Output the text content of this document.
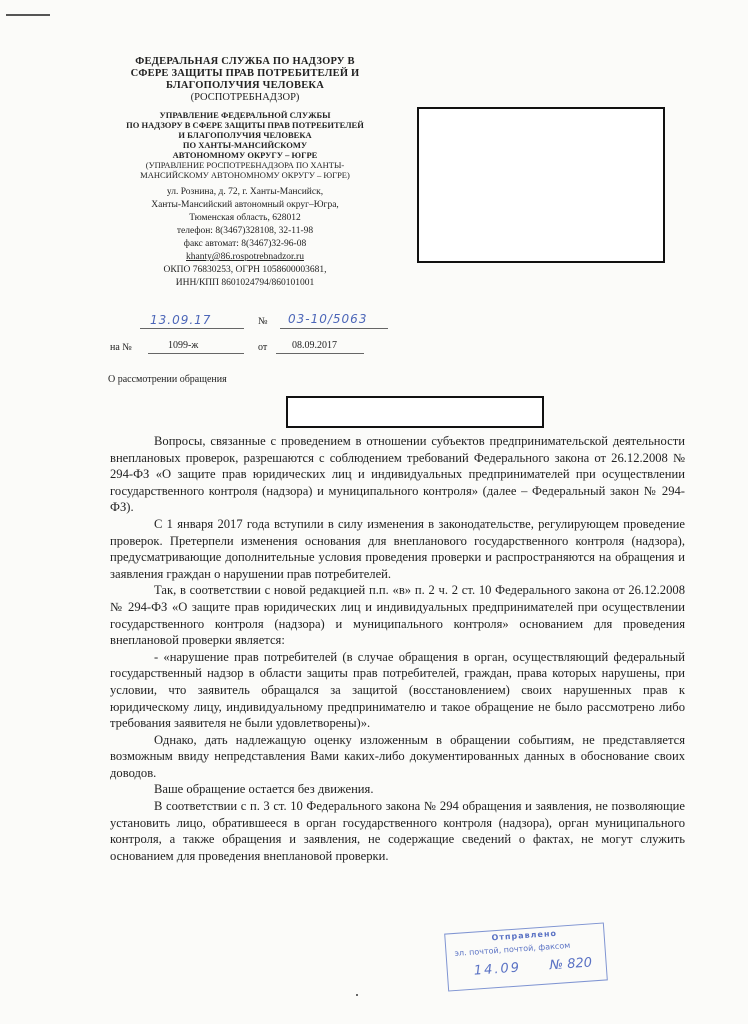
ФЕДЕРАЛЬНАЯ СЛУЖБА ПО НАДЗОРУ В
СФЕРЕ ЗАЩИТЫ ПРАВ ПОТРЕБИТЕЛЕЙ И
БЛАГОПОЛУЧИЯ ЧЕЛОВЕКА
(РОСПОТРЕБНАДЗОР)
УПРАВЛЕНИЕ ФЕДЕРАЛЬНОЙ СЛУЖБЫ
ПО НАДЗОРУ В СФЕРЕ ЗАЩИТЫ ПРАВ ПОТРЕБИТЕЛЕЙ
И БЛАГОПОЛУЧИЯ ЧЕЛОВЕКА
ПО ХАНТЫ-МАНСИЙСКОМУ
АВТОНОМНОМУ ОКРУГУ – ЮГРЕ
(УПРАВЛЕНИЕ РОСПОТРЕБНАДЗОРА ПО ХАНТЫ-
МАНСИЙСКОМУ АВТОНОМНОМУ ОКРУГУ – ЮГРЕ)
ул. Рознина, д. 72, г. Ханты-Мансийск,
Ханты-Мансийский автономный округ–Югра,
Тюменская область, 628012
телефон: 8(3467)328108, 32-11-98
факс автомат: 8(3467)32-96-08
khanty@86.rospotrebnadzor.ru
ОКПО 76830253, ОГРН 1058600003681,
ИНН/КПП 8601024794/860101001
13.09.17	№ 03-10/5063
на №	1099-ж	от 08.09.2017
О рассмотрении обращения

Вопросы, связанные с проведением в отношении субъектов предпринимательской деятельности внеплановых проверок, разрешаются с соблюдением требований Федерального закона от 26.12.2008 № 294-ФЗ «О защите прав юридических лиц и индивидуальных предпринимателей при осуществлении государственного контроля (надзора) и муниципального контроля» (далее – Федеральный закон № 294-ФЗ).

С 1 января 2017 года вступили в силу изменения в законодательстве, регулирующем проведение проверок. Претерпели изменения основания для внепланового государственного контроля (надзора), предусматривающие дополнительные условия проведения проверки и распространяются на обращения и заявления граждан о нарушении прав потребителей.

Так, в соответствии с новой редакцией п.п. «в» п. 2 ч. 2 ст. 10 Федерального закона от 26.12.2008 № 294-ФЗ «О защите прав юридических лиц и индивидуальных предпринимателей при осуществлении государственного контроля (надзора) и муниципального контроля» основанием для проведения внеплановой проверки является:

- «нарушение прав потребителей (в случае обращения в орган, осуществляющий федеральный государственный надзор в области защиты прав потребителей, граждан, права которых нарушены, при условии, что заявитель обращался за защитой (восстановлением) своих нарушенных прав к юридическому лицу, индивидуальному предпринимателю и такое обращение не было рассмотрено либо требования заявителя не были удовлетворены)».

Однако, дать надлежащую оценку изложенным в обращении событиям, не представляется возможным ввиду непредставления Вами каких-либо документированных данных в обоснование своих доводов.

Ваше обращение остается без движения.

В соответствии с п. 3 ст. 10 Федерального закона № 294 обращения и заявления, не позволяющие установить лицо, обратившееся в орган государственного контроля (надзора), орган муниципального контроля, а также обращения и заявления, не содержащие сведений о фактах, не могут служить основанием для проведения внеплановой проверки.

Отправлено
эл. почтой, почтой, факсом
14.09 № 820
